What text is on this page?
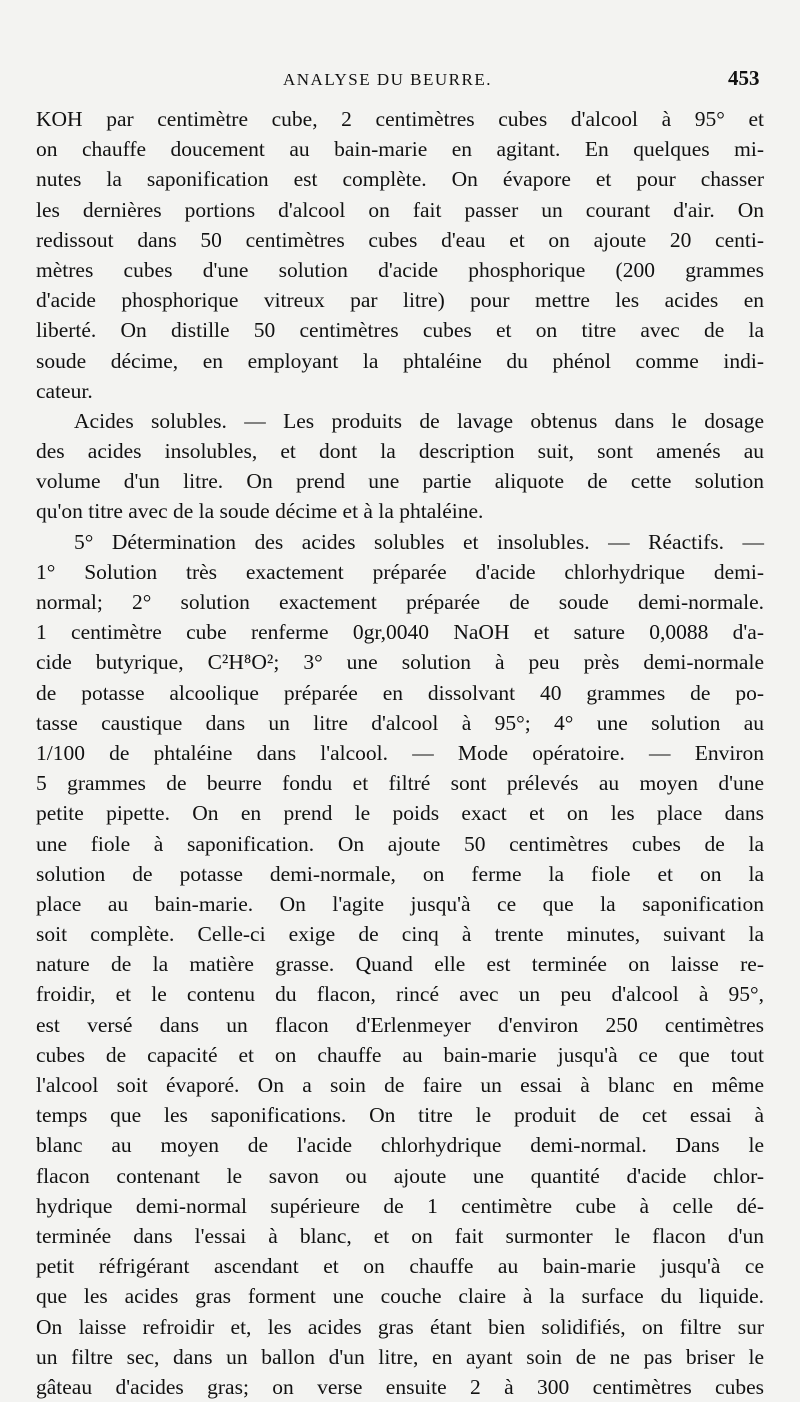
ANALYSE DU BEURRE.	453
KOH par centimètre cube, 2 centimètres cubes d'alcool à 95° et
on chauffe doucement au bain-marie en agitant. En quelques mi-
nutes la saponification est complète. On évapore et pour chasser
les dernières portions d'alcool on fait passer un courant d'air. On
redissout dans 50 centimètres cubes d'eau et on ajoute 20 centi-
mètres cubes d'une solution d'acide phosphorique (200 grammes
d'acide phosphorique vitreux par litre) pour mettre les acides en
liberté. On distille 50 centimètres cubes et on titre avec de la
soude décime, en employant la phtaléine du phénol comme indi-
cateur.
Acides solubles. — Les produits de lavage obtenus dans le dosage
des acides insolubles, et dont la description suit, sont amenés au
volume d'un litre. On prend une partie aliquote de cette solution
qu'on titre avec de la soude décime et à la phtaléine.
5° Détermination des acides solubles et insolubles. — Réactifs. —
1° Solution très exactement préparée d'acide chlorhydrique demi-
normal; 2° solution exactement préparée de soude demi-normale.
1 centimètre cube renferme 0gr,0040 NaOH et sature 0,0088 d'a-
cide butyrique, C²H⁸O²; 3° une solution à peu près demi-normale
de potasse alcoolique préparée en dissolvant 40 grammes de po-
tasse caustique dans un litre d'alcool à 95°; 4° une solution au
1/100 de phtaléine dans l'alcool. — Mode opératoire. — Environ
5 grammes de beurre fondu et filtré sont prélevés au moyen d'une
petite pipette. On en prend le poids exact et on les place dans
une fiole à saponification. On ajoute 50 centimètres cubes de la
solution de potasse demi-normale, on ferme la fiole et on la
place au bain-marie. On l'agite jusqu'à ce que la saponification
soit complète. Celle-ci exige de cinq à trente minutes, suivant la
nature de la matière grasse. Quand elle est terminée on laisse re-
froidir, et le contenu du flacon, rincé avec un peu d'alcool à 95°,
est versé dans un flacon d'Erlenmeyer d'environ 250 centimètres
cubes de capacité et on chauffe au bain-marie jusqu'à ce que tout
l'alcool soit évaporé. On a soin de faire un essai à blanc en même
temps que les saponifications. On titre le produit de cet essai à
blanc au moyen de l'acide chlorhydrique demi-normal. Dans le
flacon contenant le savon ou ajoute une quantité d'acide chlor-
hydrique demi-normal supérieure de 1 centimètre cube à celle dé-
terminée dans l'essai à blanc, et on fait surmonter le flacon d'un
petit réfrigérant ascendant et on chauffe au bain-marie jusqu'à ce
que les acides gras forment une couche claire à la surface du liquide.
On laisse refroidir et, les acides gras étant bien solidifiés, on filtre sur
un filtre sec, dans un ballon d'un litre, en ayant soin de ne pas briser le
gâteau d'acides gras; on verse ensuite 2 à 300 centimètres cubes
